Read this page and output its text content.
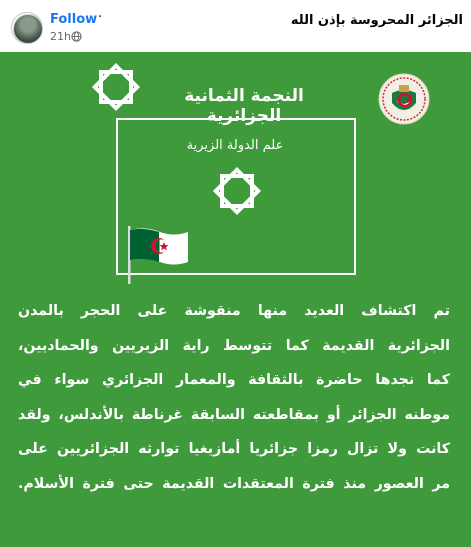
Follow ·	الجزائر المحروسة بإذن الله
21h
النجمة الثمانية الجزائرية
علم الدولة الزيرية
تم اكتشاف العديد منها منقوشة على الحجر بالمدن
الجزائرية القديمة كما تتوسط راية الزيريين والحماديين،
كما نجدها حاضرة بالثقافة والمعمار الجزائري سواء في
موطنه الجزائر أو بمقاطعته السابقة غرناطة بالأندلس، ولقد
كانت ولا تزال رمزا جزائريا أمازيغيا توارثه الجزائريين على
مر العصور منذ فترة المعتقدات القديمة حتى فترة الأسلام.
